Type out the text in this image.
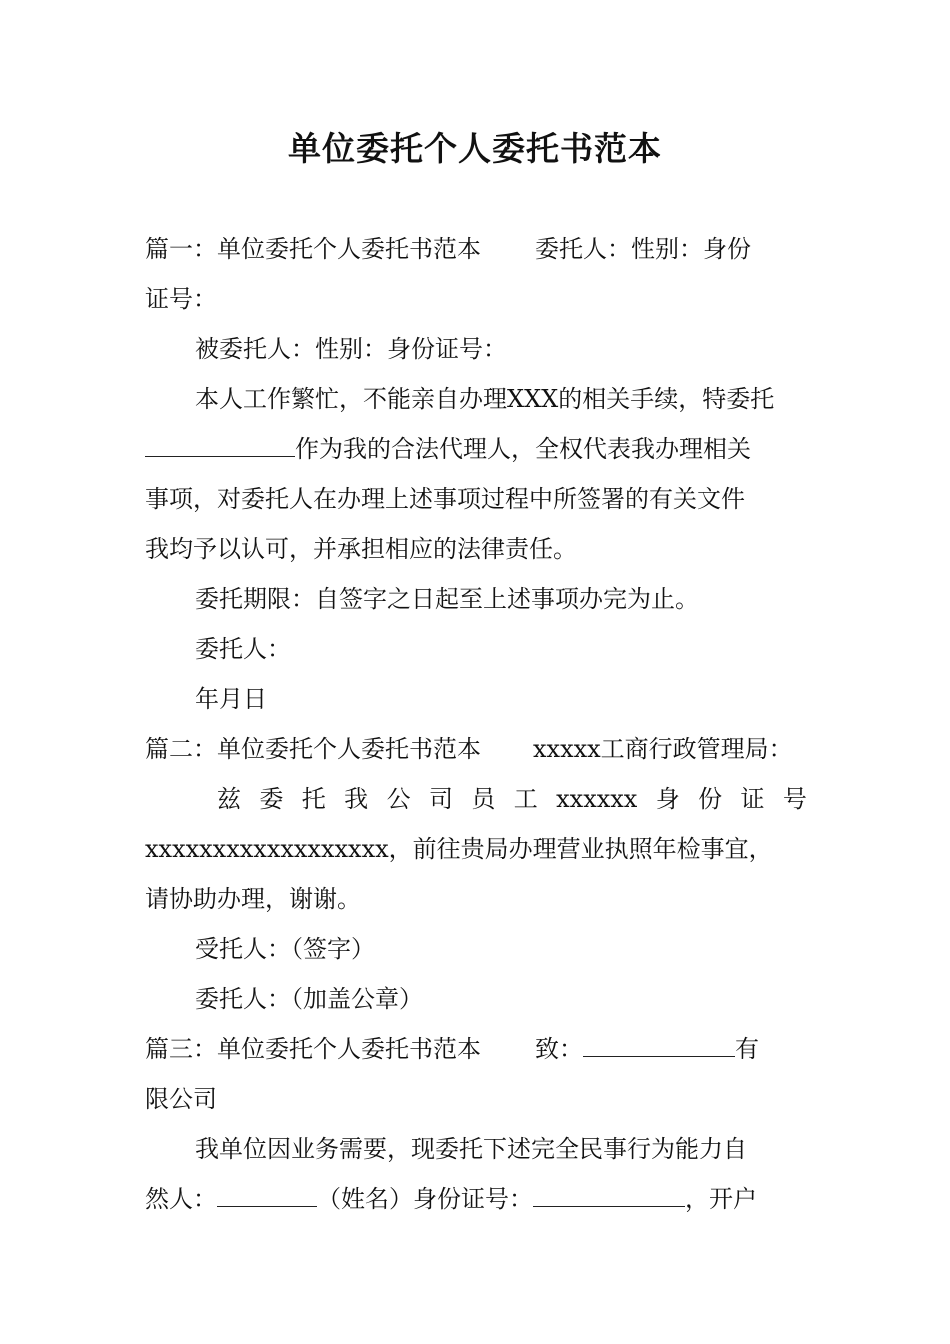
单位委托个人委托书范本
篇一：单位委托个人委托书范本 委托人：性别：身份
证号：
被委托人：性别：身份证号：
本人工作繁忙，不能亲自办理XXX的相关手续，特委托
作为我的合法代理人，全权代表我办理相关
事项，对委托人在办理上述事项过程中所签署的有关文件
我均予以认可，并承担相应的法律责任。
委托期限：自签字之日起至上述事项办完为止。
委托人：
年月日
篇二：单位委托个人委托书范本 xxxxx工商行政管理局：
兹 委 托 我 公 司 员 工 xxxxxx 身 份 证 号
xxxxxxxxxxxxxxxxxx，前往贵局办理营业执照年检事宜，
请协助办理，谢谢。
受托人：（签字）
委托人：（加盖公章）
篇三：单位委托个人委托书范本 致：	有
限公司
我单位因业务需要，现委托下述完全民事行为能力自
然人：	（姓名）身份证号：	，开户
